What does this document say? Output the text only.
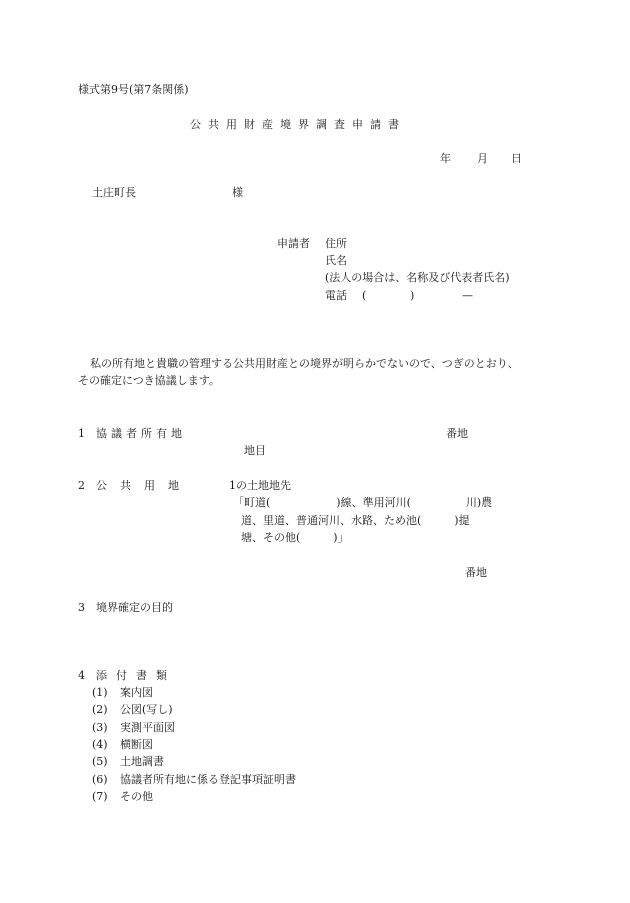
様式第9号(第7条関係)
公共用財産境界調査申請書
年 月 日
土庄町長	様
申請者 住所
氏名
(法人の場合は、名称及び代表者氏名)
電話 (	)	—
私の所有地と貴職の管理する公共用財産との境界が明らかでないので、つぎのとおり、
その確定につき協議します。
1 協議者所有地	番地
地目
2 公共用地	1の土地地先
「町道(　　　　　　)線、準用河川(　　　　　川)農
道、里道、普通河川、水路、ため池(　　　)提
塘、その他(　　　)」
番地
3 境界確定の目的
4 添付書類
(1) 案内図
(2) 公図(写し)
(3) 実測平面図
(4) 横断図
(5) 土地調書
(6) 協議者所有地に係る登記事項証明書
(7) その他
